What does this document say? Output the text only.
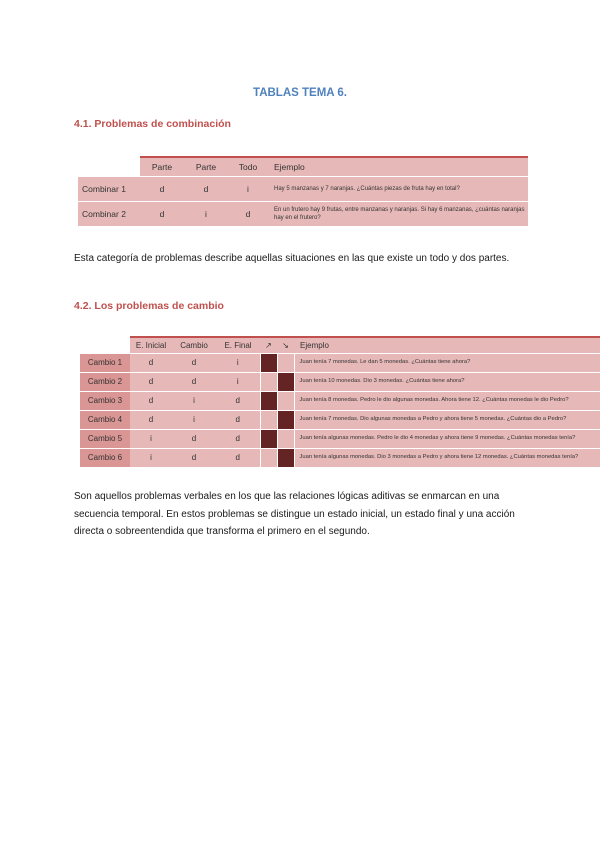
TABLAS TEMA 6.
4.1. Problemas de combinación
	Parte	Parte	Todo	Ejemplo
Combinar 1	d	d	i	Hay 5 manzanas y 7 naranjas. ¿Cuántas piezas de fruta hay en total?
Combinar 2	d	i	d	En un frutero hay 9 frutas, entre manzanas y naranjas. Si hay 6 manzanas, ¿cuántas naranjas hay en el frutero?
Esta categoría de problemas describe aquellas situaciones en las que existe un todo y dos partes.
4.2. Los problemas de cambio
	E. Inicial	Cambio	E. Final	↗	↘	Ejemplo
Cambio 1	d	d	i			Juan tenía 7 monedas. Le dan 5 monedas. ¿Cuántas tiene ahora?
Cambio 2	d	d	i			Juan tenía 10 monedas. Dio 3 monedas. ¿Cuántas tiene ahora?
Cambio 3	d	i	d			Juan tenía 8 monedas. Pedro le dio algunas monedas. Ahora tiene 12. ¿Cuántas monedas le dio Pedro?
Cambio 4	d	i	d			Juan tenía 7 monedas. Dio algunas monedas a Pedro y ahora tiene 5 monedas. ¿Cuántas dio a Pedro?
Cambio 5	i	d	d			Juan tenía algunas monedas. Pedro le dio 4 monedas y ahora tiene 9 monedas. ¿Cuántas monedas tenía?
Cambio 6	i	d	d			Juan tenía algunas monedas. Dio 3 monedas a Pedro y ahora tiene 12 monedas. ¿Cuántas monedas tenía?
Son aquellos problemas verbales en los que las relaciones lógicas aditivas se enmarcan en una secuencia temporal. En estos problemas se distingue un estado inicial, un estado final y una acción directa o sobreentendida que transforma el primero en el segundo.
